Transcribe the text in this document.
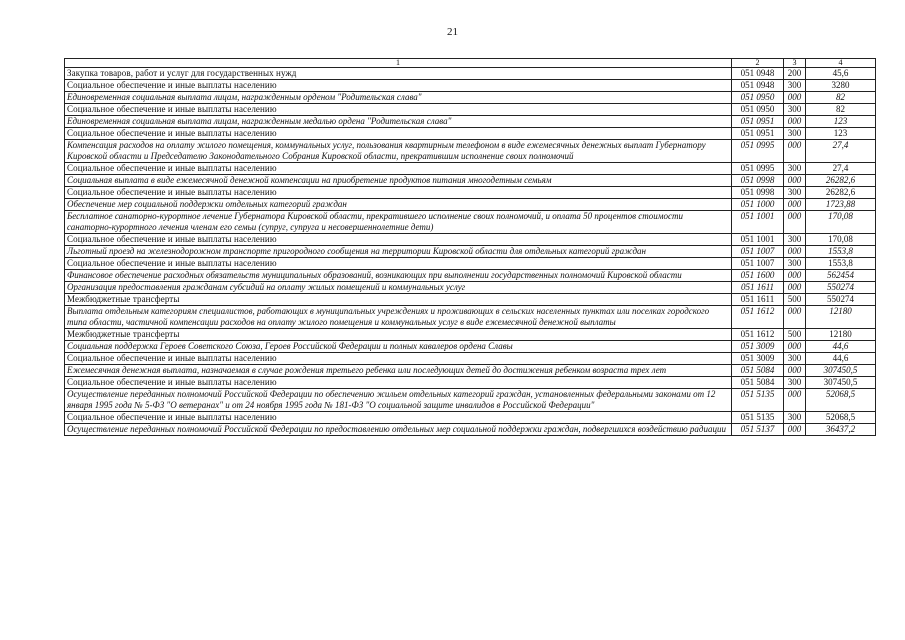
21
1	2	3	4
Закупка товаров, работ и услуг для государственных нужд	051 0948	200	45,6
Социальное обеспечение и иные выплаты населению	051 0948	300	3280
Единовременная социальная выплата лицам, награжденным орденом "Родительская слава"	051 0950	000	82
Социальное обеспечение и иные выплаты населению	051 0950	300	82
Единовременная социальная выплата лицам, награжденным медалью ордена "Родительская слава"	051 0951	000	123
Социальное обеспечение и иные выплаты населению	051 0951	300	123
Компенсация расходов на оплату жилого помещения, коммунальных услуг, пользования квартирным телефоном в виде ежемесячных денежных выплат Губернатору Кировской области и Председателю Законодательного Собрания Кировской области, прекратившим исполнение своих полномочий	051 0995	000	27,4
Социальное обеспечение и иные выплаты населению	051 0995	300	27,4
Социальная выплата в виде ежемесячной денежной компенсации на приобретение продуктов питания многодетным семьям	051 0998	000	26282,6
Социальное обеспечение и иные выплаты населению	051 0998	300	26282,6
Обеспечение мер социальной поддержки отдельных категорий граждан	051 1000	000	1723,88
Бесплатное санаторно-курортное лечение Губернатора Кировской области, прекратившего исполнение своих полномочий, и оплата 50 процентов стоимости санаторно-курортного лечения членам его семьи (супруг, супруга и несовершеннолетние дети)	051 1001	000	170,08
Социальное обеспечение и иные выплаты населению	051 1001	300	170,08
Льготный проезд на железнодорожном транспорте пригородного сообщения на территории Кировской области для отдельных категорий граждан	051 1007	000	1553,8
Социальное обеспечение и иные выплаты населению	051 1007	300	1553,8
Финансовое обеспечение расходных обязательств муниципальных образований, возникающих при выполнении государственных полномочий Кировской области	051 1600	000	562454
Организация предоставления гражданам субсидий на оплату жилых помещений и коммунальных услуг	051 1611	000	550274
Межбюджетные трансферты	051 1611	500	550274
Выплата отдельным категориям специалистов, работающих в муниципальных учреждениях и проживающих в сельских населенных пунктах или поселках городского типа области, частичной компенсации расходов на оплату жилого помещения и коммунальных услуг в виде ежемесячной денежной выплаты	051 1612	000	12180
Межбюджетные трансферты	051 1612	500	12180
Социальная поддержка Героев Советского Союза, Героев Российской Федерации и полных кавалеров ордена Славы	051 3009	000	44,6
Социальное обеспечение и иные выплаты населению	051 3009	300	44,6
Ежемесячная денежная выплата, назначаемая в случае рождения третьего ребенка или последующих детей до достижения ребенком возраста трех лет	051 5084	000	307450,5
Социальное обеспечение и иные выплаты населению	051 5084	300	307450,5
Осуществление переданных полномочий Российской Федерации по обеспечению жильем отдельных категорий граждан, установленных федеральными законами от 12 января 1995 года № 5-ФЗ "О ветеранах" и от 24 ноября 1995 года № 181-ФЗ "О социальной защите инвалидов в Российской Федерации"	051 5135	000	52068,5
Социальное обеспечение и иные выплаты населению	051 5135	300	52068,5
Осуществление переданных полномочий Российской Федерации по предоставлению отдельных мер социальной поддержки граждан, подвергшихся воздействию радиации	051 5137	000	36437,2
